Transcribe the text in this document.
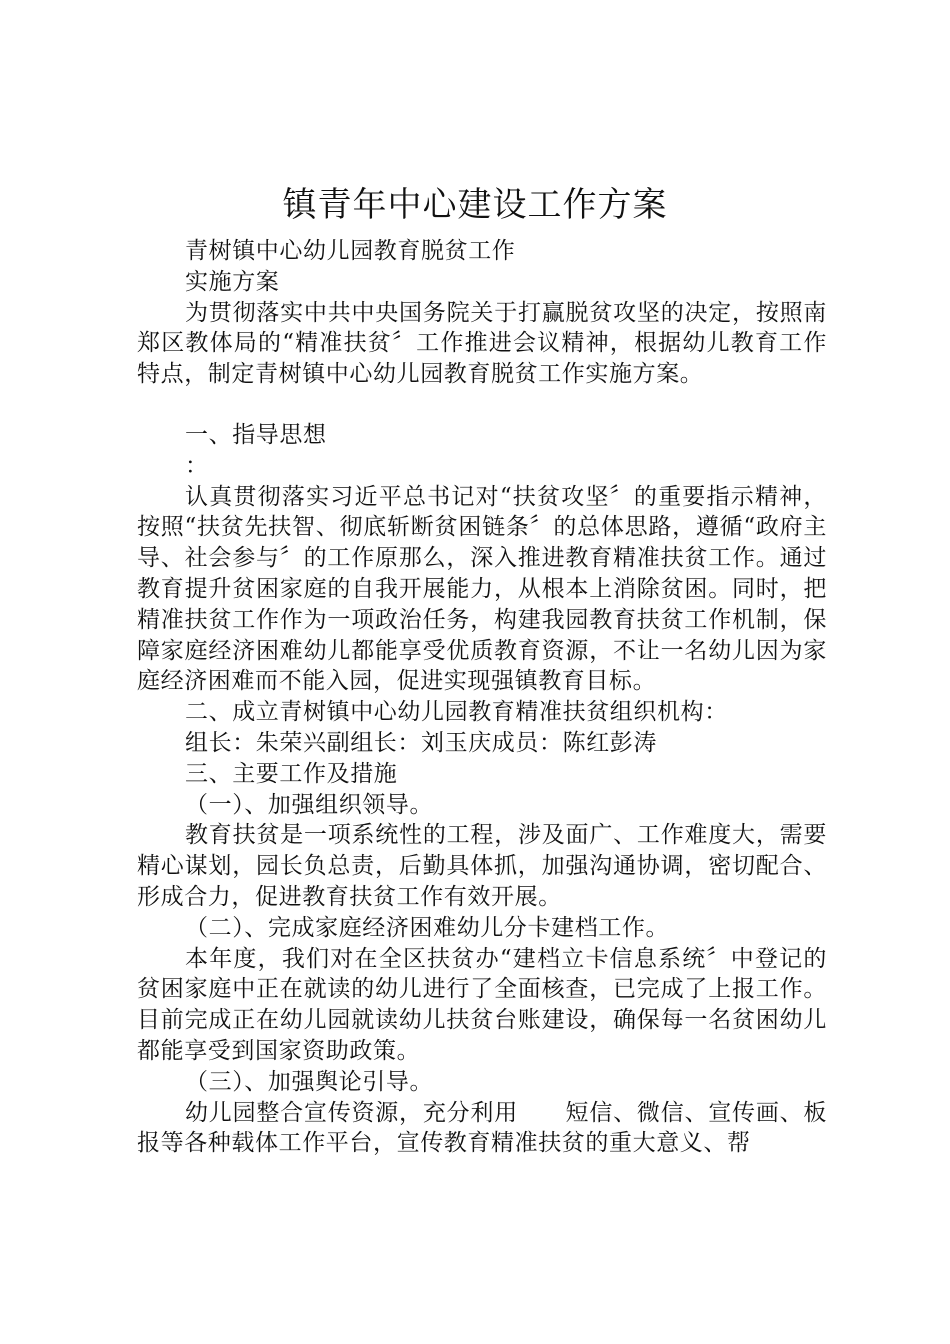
镇青年中心建设工作方案

青树镇中心幼儿园教育脱贫工作

实施方案

为贯彻落实中共中央国务院关于打赢脱贫攻坚的决定，按照南郑区教体局的“精准扶贫〞工作推进会议精神，根据幼儿教育工作特点，制定青树镇中心幼儿园教育脱贫工作实施方案。

一、指导思想

：

认真贯彻落实习近平总书记对“扶贫攻坚〞的重要指示精神，按照“扶贫先扶智、彻底斩断贫困链条〞的总体思路，遵循“政府主导、社会参与〞的工作原那么，深入推进教育精准扶贫工作。通过教育提升贫困家庭的自我开展能力，从根本上消除贫困。同时，把精准扶贫工作作为一项政治任务，构建我园教育扶贫工作机制，保障家庭经济困难幼儿都能享受优质教育资源，不让一名幼儿因为家庭经济困难而不能入园，促进实现强镇教育目标。

二、成立青树镇中心幼儿园教育精准扶贫组织机构：

组长：朱荣兴副组长：刘玉庆成员：陈红彭涛

三、主要工作及措施

（一）、加强组织领导。

教育扶贫是一项系统性的工程，涉及面广、工作难度大，需要精心谋划，园长负总责，后勤具体抓，加强沟通协调，密切配合、形成合力，促进教育扶贫工作有效开展。

（二）、完成家庭经济困难幼儿分卡建档工作。

本年度，我们对在全区扶贫办“建档立卡信息系统〞中登记的贫困家庭中正在就读的幼儿进行了全面核查，已完成了上报工作。目前完成正在幼儿园就读幼儿扶贫台账建设，确保每一名贫困幼儿都能享受到国家资助政策。

（三）、加强舆论引导。

幼儿园整合宣传资源，充分利用　　短信、微信、宣传画、板报等各种载体工作平台，宣传教育精准扶贫的重大意义、帮
